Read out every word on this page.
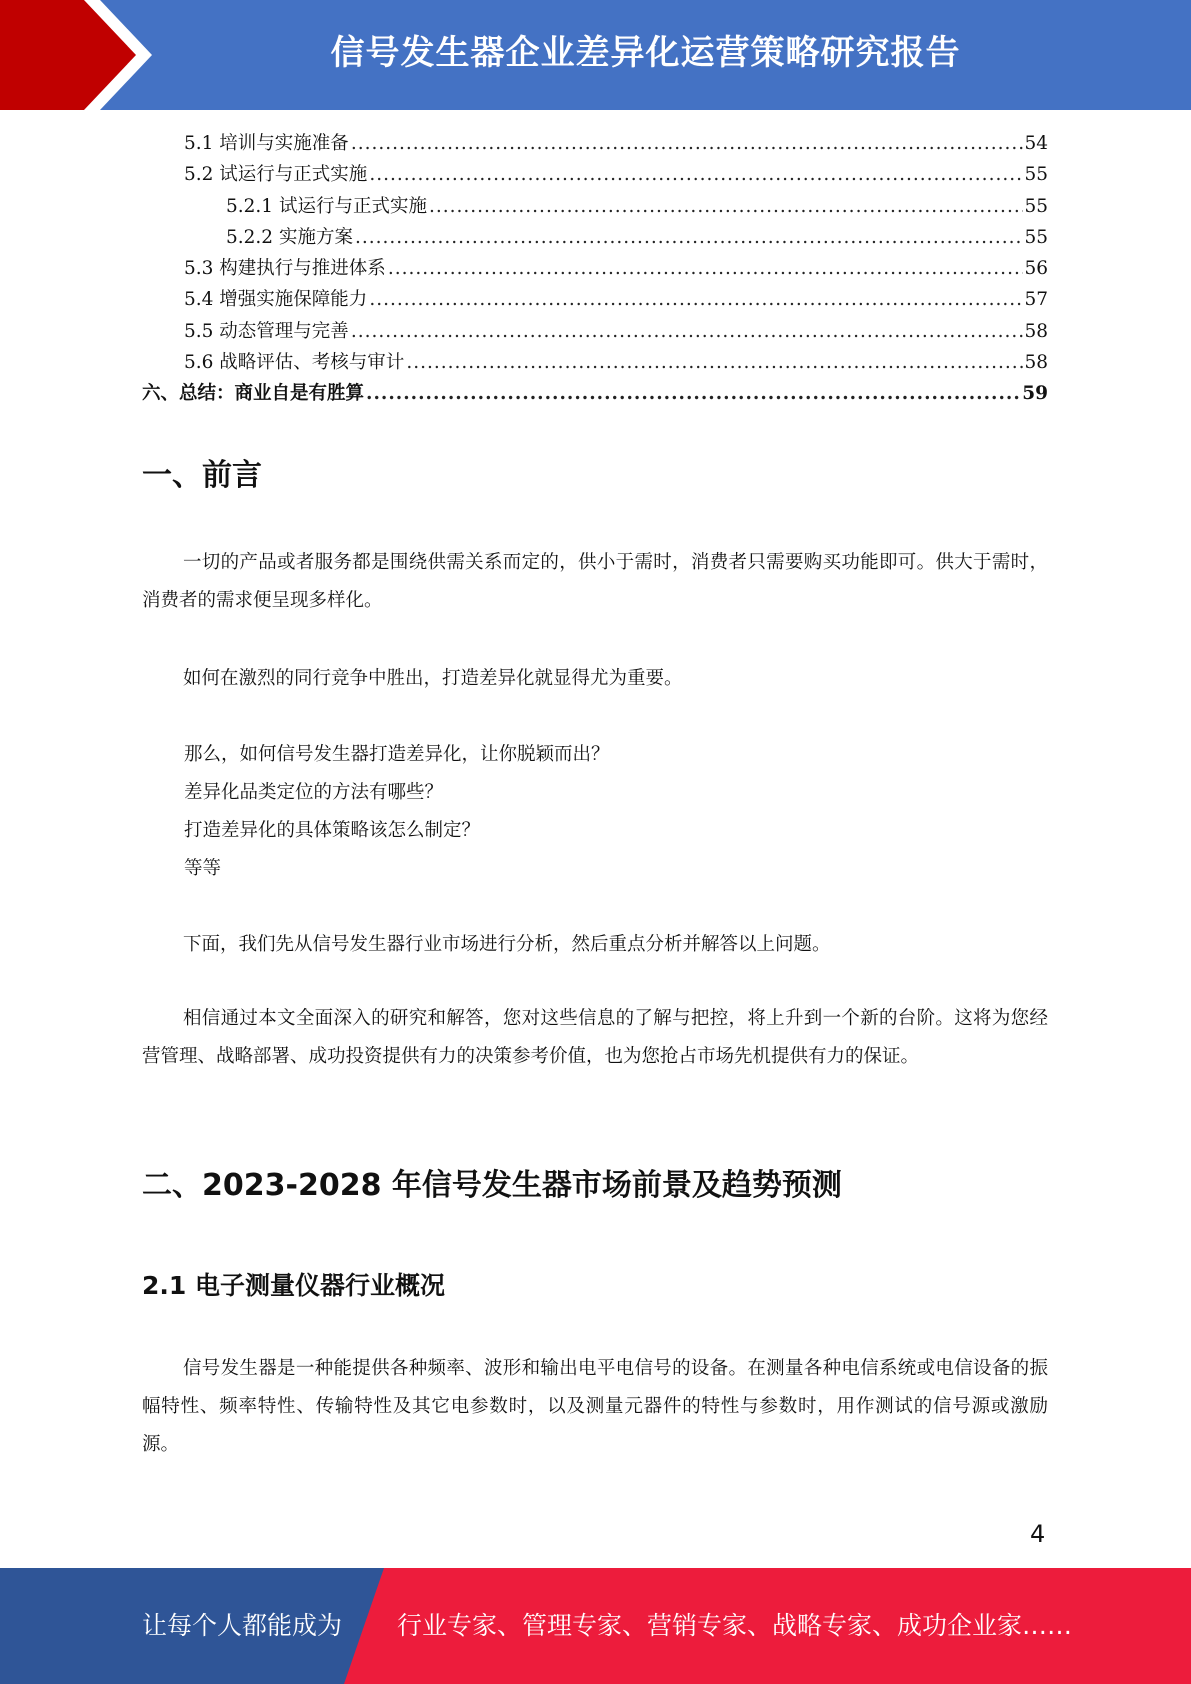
信号发生器企业差异化运营策略研究报告
5.1 培训与实施准备 .....	54
5.2 试运行与正式实施 .....	55
5.2.1 试运行与正式实施 .....	55
5.2.2 实施方案 .....	55
5.3 构建执行与推进体系 .....	56
5.4 增强实施保障能力 .....	57
5.5 动态管理与完善 .....	58
5.6 战略评估、考核与审计 .....	58
六、总结：商业自是有胜算 .....	59
一、前言
一切的产品或者服务都是围绕供需关系而定的，供小于需时，消费者只需要购买功能即可。供大于需时，消费者的需求便呈现多样化。
如何在激烈的同行竞争中胜出，打造差异化就显得尤为重要。
那么，如何信号发生器打造差异化，让你脱颖而出？
差异化品类定位的方法有哪些？
打造差异化的具体策略该怎么制定？
等等
下面，我们先从信号发生器行业市场进行分析，然后重点分析并解答以上问题。
相信通过本文全面深入的研究和解答，您对这些信息的了解与把控，将上升到一个新的台阶。这将为您经营管理、战略部署、成功投资提供有力的决策参考价值，也为您抢占市场先机提供有力的保证。
二、2023-2028 年信号发生器市场前景及趋势预测
2.1 电子测量仪器行业概况
信号发生器是一种能提供各种频率、波形和输出电平电信号的设备。在测量各种电信系统或电信设备的振幅特性、频率特性、传输特性及其它电参数时，以及测量元器件的特性与参数时，用作测试的信号源或激励源。
4
让每个人都能成为 行业专家、管理专家、营销专家、战略专家、成功企业家……
